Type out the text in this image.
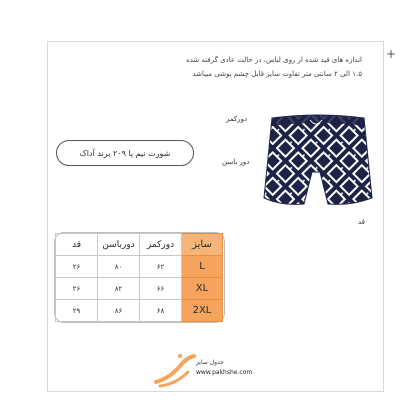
اندازه های قید شده از روی لباس، در حالت عادی گرفته شده
۱.۵ الی ۲ سانتی متر تفاوت سایز قابل چشم پوشی میباشد
+
شورت نیم پا ۲۰۹ برند آداک
دورکمر
دور باسن
قد
قد	دورباسن	دورکمر	سایز
۲۶	۸۰	۶۲	L
۲۶	۸۲	۶۶	XL
۲۹	۸۶	۶۸	2XL
جدول سایز
www.pakhshe.com
